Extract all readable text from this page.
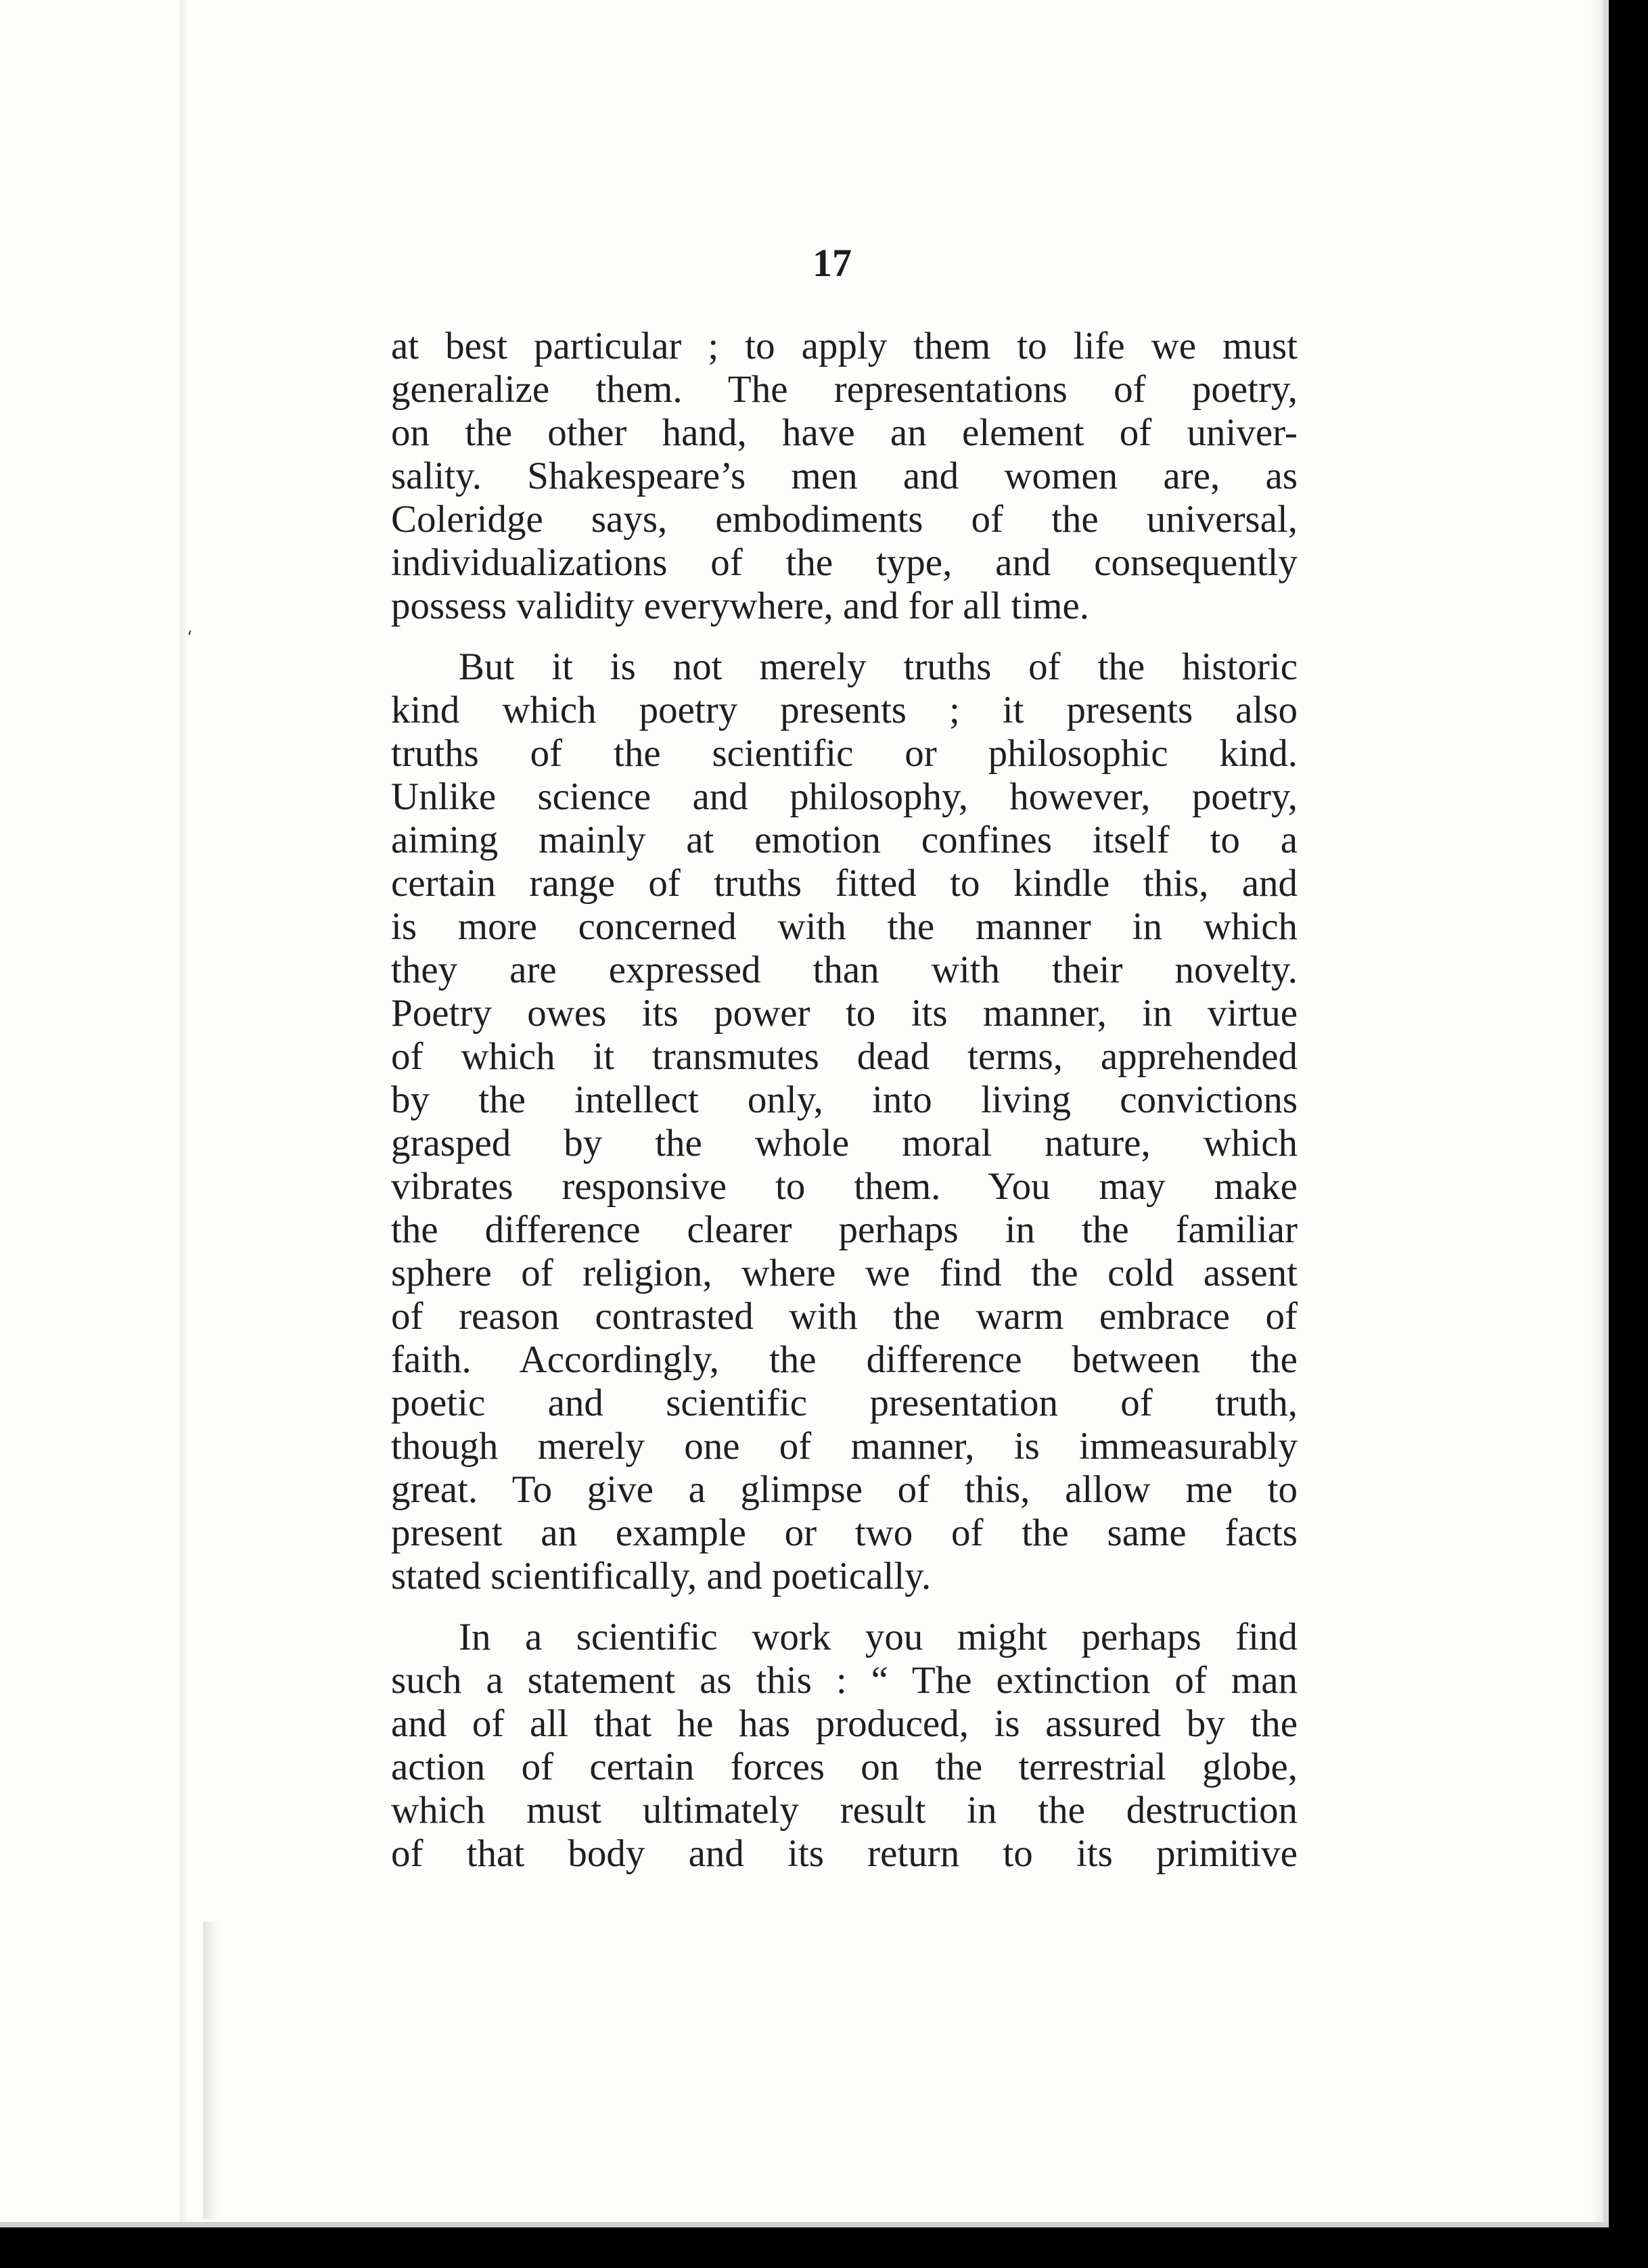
‘
17
at best particular ; to apply them to life we must
generalize them. The representations of poetry,
on the other hand, have an element of univer-
sality. Shakespeare’s men and women are, as
Coleridge says, embodiments of the universal,
individualizations of the type, and consequently
possess validity everywhere, and for all time.
But it is not merely truths of the historic
kind which poetry presents ; it presents also
truths of the scientific or philosophic kind.
Unlike science and philosophy, however, poetry,
aiming mainly at emotion confines itself to a
certain range of truths fitted to kindle this, and
is more concerned with the manner in which
they are expressed than with their novelty.
Poetry owes its power to its manner, in virtue
of which it transmutes dead terms, apprehended
by the intellect only, into living convictions
grasped by the whole moral nature, which
vibrates responsive to them. You may make
the difference clearer perhaps in the familiar
sphere of religion, where we find the cold assent
of reason contrasted with the warm embrace of
faith. Accordingly, the difference between the
poetic and scientific presentation of truth,
though merely one of manner, is immeasurably
great. To give a glimpse of this, allow me to
present an example or two of the same facts
stated scientifically, and poetically.
In a scientific work you might perhaps find
such a statement as this : “ The extinction of man
and of all that he has produced, is assured by the
action of certain forces on the terrestrial globe,
which must ultimately result in the destruction
of that body and its return to its primitive
